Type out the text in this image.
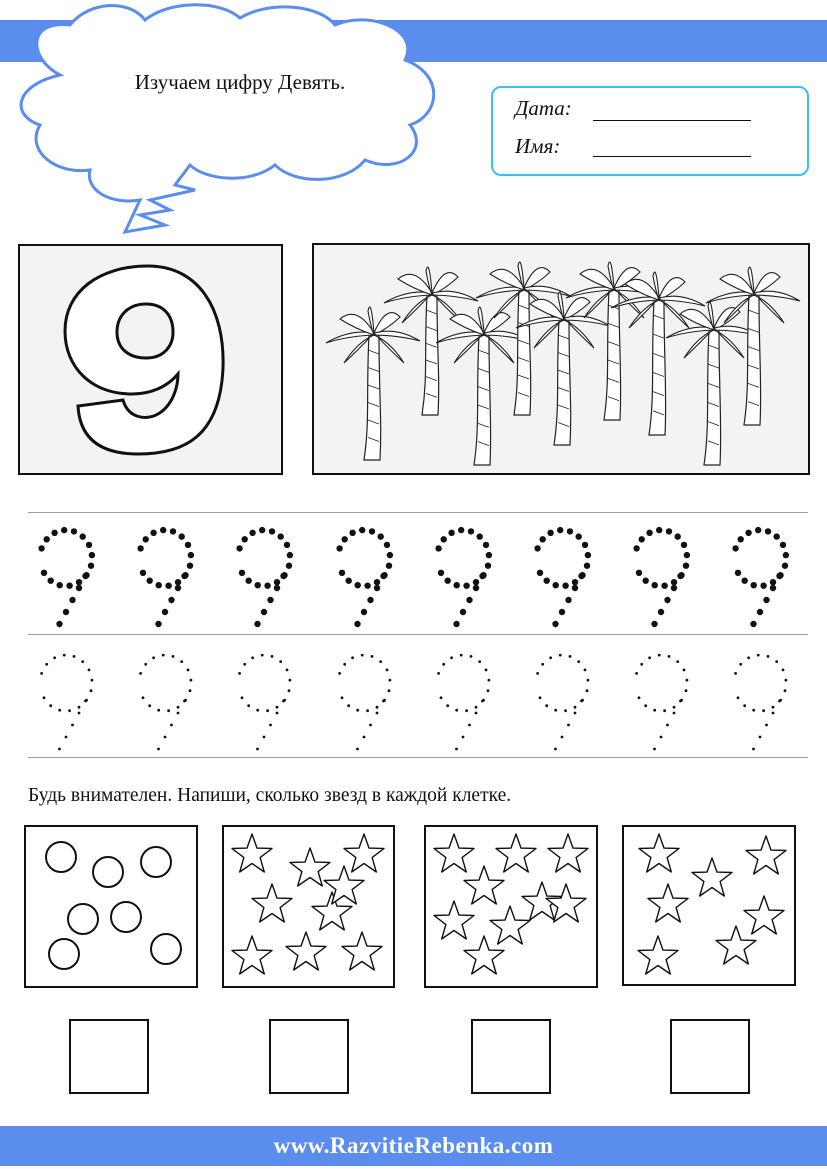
Изучаем цифру Девять.
Дата:
Имя:
Будь внимателен. Напиши, сколько звезд в каждой клетке.
www.RazvitieRebenka.com
